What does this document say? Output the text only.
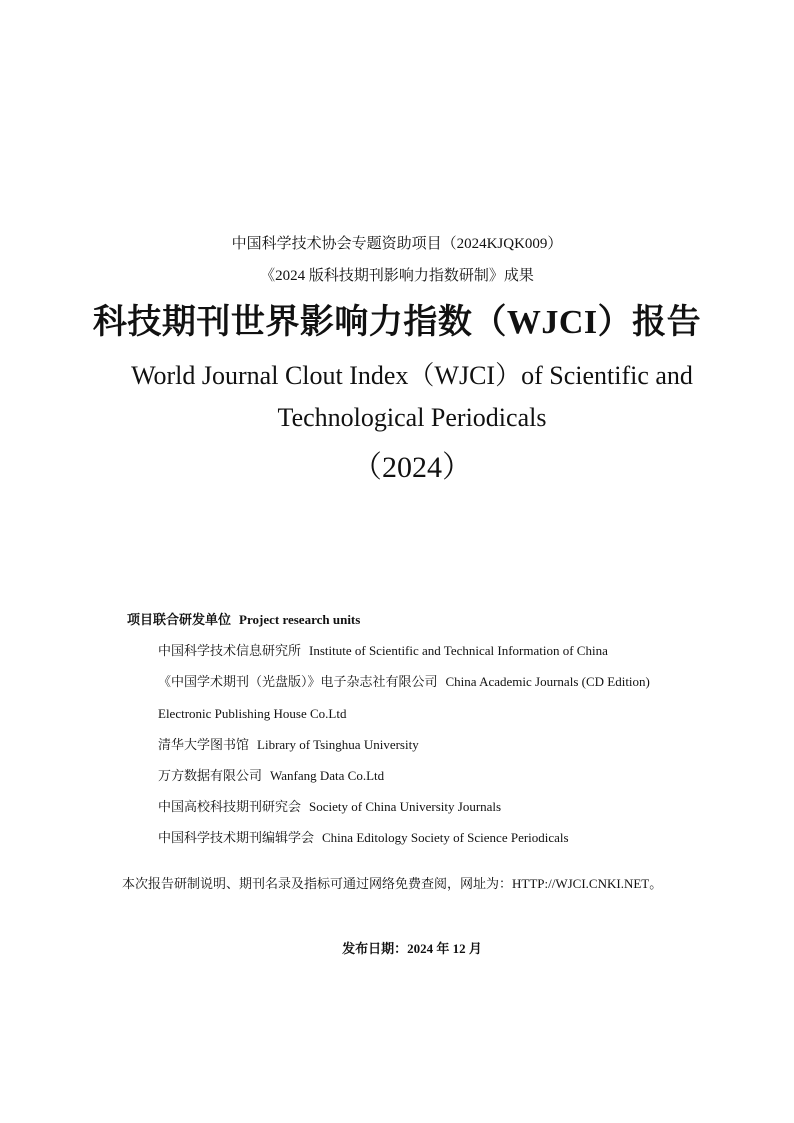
中国科学技术协会专题资助项目（2024KJQK009）
《2024 版科技期刊影响力指数研制》成果
科技期刊世界影响力指数（WJCI）报告
World Journal Clout Index（WJCI）of Scientific and
Technological Periodicals
（2024）
项目联合研发单位 Project research units
中国科学技术信息研究所 Institute of Scientific and Technical Information of China
《中国学术期刊（光盘版）》电子杂志社有限公司 China Academic Journals (CD Edition)
Electronic Publishing House Co.Ltd
清华大学图书馆 Library of Tsinghua University
万方数据有限公司 Wanfang Data Co.Ltd
中国高校科技期刊研究会 Society of China University Journals
中国科学技术期刊编辑学会 China Editology Society of Science Periodicals
本次报告研制说明、期刊名录及指标可通过网络免费查阅，网址为：HTTP://WJCI.CNKI.NET。
发布日期：2024 年 12 月
